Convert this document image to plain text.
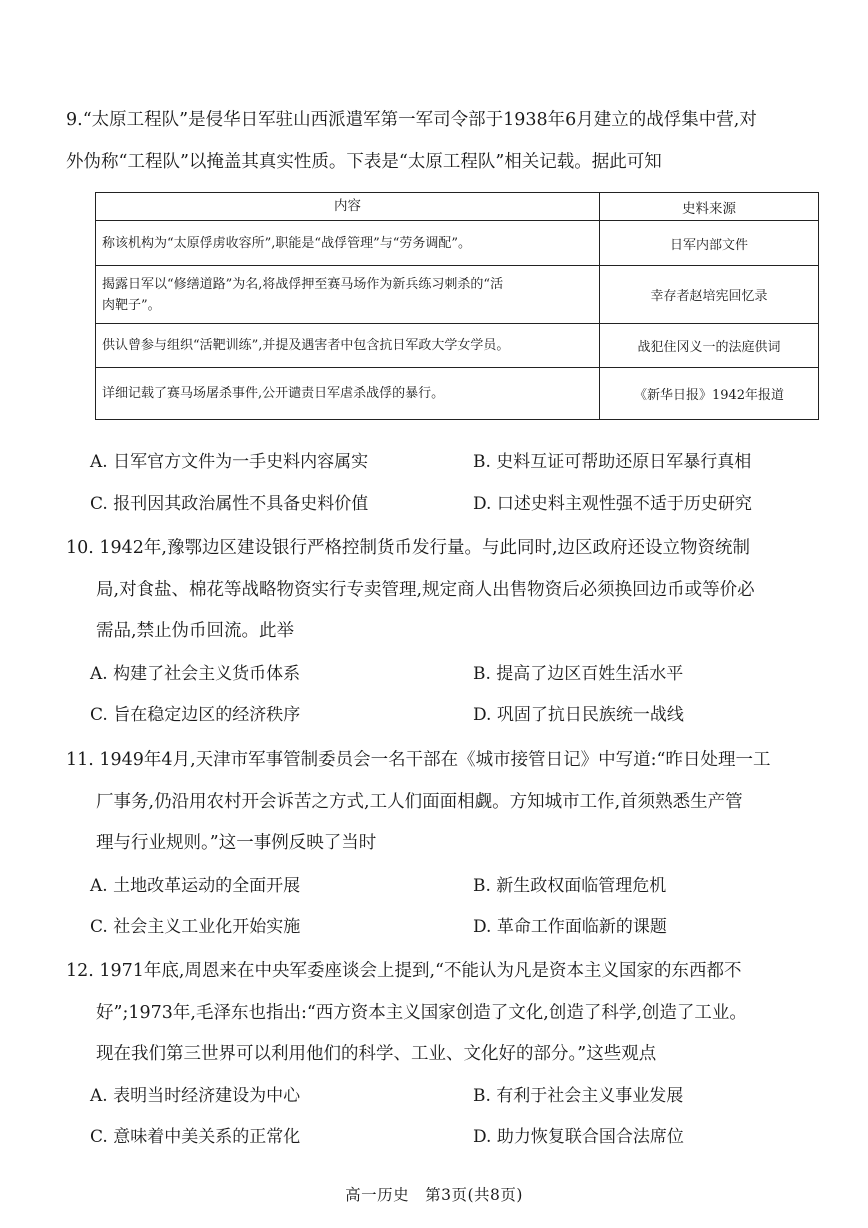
9.“太原工程队”是侵华日军驻山西派遣军第一军司令部于1938年6月建立的战俘集中营,对
外伪称“工程队”以掩盖其真实性质。下表是“太原工程队”相关记载。据此可知
内容	史料来源
称该机构为“太原俘虏收容所”,职能是“战俘管理”与“劳务调配”。	日军内部文件
揭露日军以“修缮道路”为名,将战俘押至赛马场作为新兵练习刺杀的“活
肉靶子”。	幸存者赵培宪回忆录
供认曾参与组织“活靶训练”,并提及遇害者中包含抗日军政大学女学员。	战犯住冈义一的法庭供词
详细记载了赛马场屠杀事件,公开谴责日军虐杀战俘的暴行。	《新华日报》1942年报道
A. 日军官方文件为一手史料内容属实	B. 史料互证可帮助还原日军暴行真相
C. 报刊因其政治属性不具备史料价值	D. 口述史料主观性强不适于历史研究
10. 1942年,豫鄂边区建设银行严格控制货币发行量。与此同时,边区政府还设立物资统制
局,对食盐、棉花等战略物资实行专卖管理,规定商人出售物资后必须换回边币或等价必
需品,禁止伪币回流。此举
A. 构建了社会主义货币体系	B. 提高了边区百姓生活水平
C. 旨在稳定边区的经济秩序	D. 巩固了抗日民族统一战线
11. 1949年4月,天津市军事管制委员会一名干部在《城市接管日记》中写道:“昨日处理一工
厂事务,仍沿用农村开会诉苦之方式,工人们面面相觑。方知城市工作,首须熟悉生产管
理与行业规则。”这一事例反映了当时
A. 土地改革运动的全面开展	B. 新生政权面临管理危机
C. 社会主义工业化开始实施	D. 革命工作面临新的课题
12. 1971年底,周恩来在中央军委座谈会上提到,“不能认为凡是资本主义国家的东西都不
好”;1973年,毛泽东也指出:“西方资本主义国家创造了文化,创造了科学,创造了工业。
现在我们第三世界可以利用他们的科学、工业、文化好的部分。”这些观点
A. 表明当时经济建设为中心	B. 有利于社会主义事业发展
C. 意味着中美关系的正常化	D. 助力恢复联合国合法席位
高一历史　第3页(共8页)
